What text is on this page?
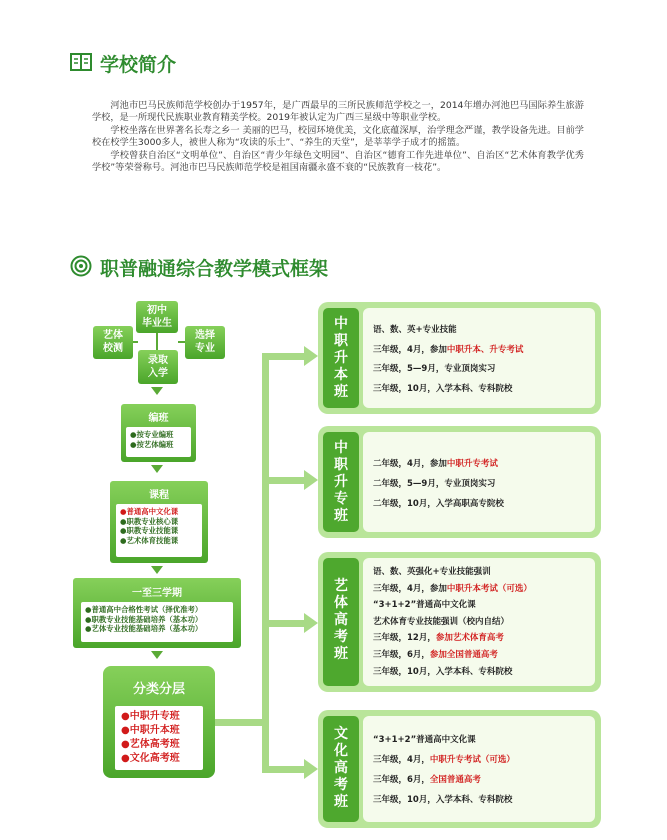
学校简介

河池市巴马民族师范学校创办于1957年，是广西最早的三所民族师范学校之一，2014年增办河池巴马国际养生旅游学校，是一所现代民族职业教育精美学校。2019年被认定为广西三星级中等职业学校。

学校坐落在世界著名长寿之乡一 美丽的巴马，校园环境优美，文化底蕴深厚，治学理念严谨，教学设备先进。目前学校在校学生3000多人，被世人称为“攻读的乐土”、“养生的天堂”，是莘莘学子成才的摇篮。

学校曾获自治区“文明单位”、自治区“青少年绿色文明园”、自治区“德育工作先进单位”、自治区“艺术体育教学优秀学校”等荣誉称号。河池市巴马民族师范学校是祖国南疆永盛不衰的“民族教育一枝花”。

职普融通综合教学模式框架
初中
毕业生
艺体
校测
选择
专业
录取
入学
编班
●按专业编班
●按艺体编班
课程
●普通高中文化课
●职教专业核心课
●职教专业技能课
●艺术体育技能课
一至三学期
●普通高中合格性考试（择优准考）
●职教专业技能基础培养（基本功）
●艺体专业技能基础培养（基本功）
分类分层
●中职升专班
●中职升本班
●艺体高考班
●文化高考班
中
职
升
本
班
语、数、英+专业技能
三年级，4月，参加中职升本、升专考试
三年级，5—9月，专业顶岗实习
三年级，10月，入学本科、专科院校
中
职
升
专
班
二年级，4月，参加中职升专考试
二年级，5—9月，专业顶岗实习
二年级，10月，入学高职高专院校
艺
体
高
考
班
语、数、英强化+专业技能强训
三年级，4月，参加中职升本考试（可选）
“3+1+2”普通高中文化课
艺术体育专业技能强训（校内自结）
三年级，12月，参加艺术体育高考
三年级，6月，参加全国普通高考
三年级，10月，入学本科、专科院校
文
化
高
考
班
“3+1+2”普通高中文化课
三年级，4月，中职升专考试（可选）
三年级，6月，全国普通高考
三年级，10月，入学本科、专科院校
